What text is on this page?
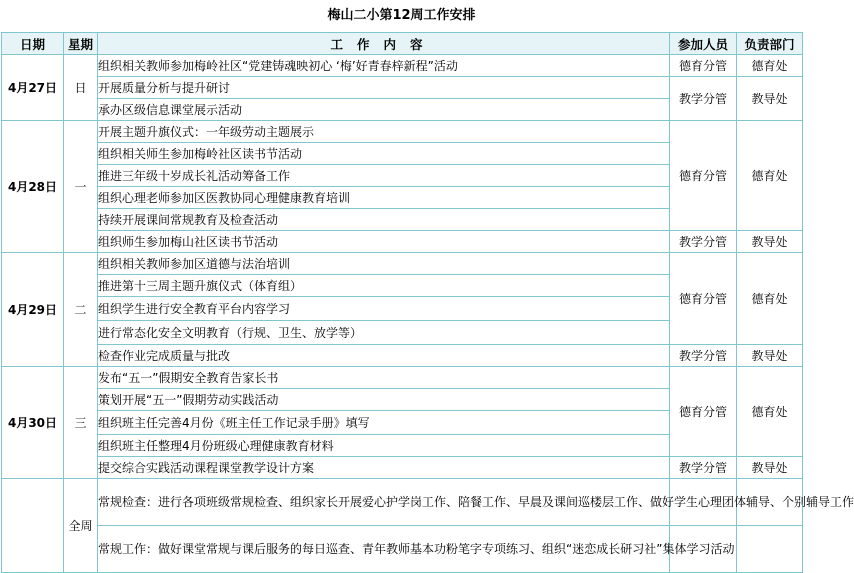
梅山二小第12周工作安排
日期	星期	工作内容	参加人员	负责部门
4月27日	日	组织相关教师参加梅岭社区“党建铸魂映初心 ‘梅’好青春梓新程”活动	德育分管	德育处
		开展质量分析与提升研讨	教学分管	教导处
		承办区级信息课堂展示活动		
4月28日	一	开展主题升旗仪式：一年级劳动主题展示	德育分管	德育处
		组织相关师生参加梅岭社区读书节活动		
		推进三年级十岁成长礼活动筹备工作		
		组织心理老师参加区医教协同心理健康教育培训		
		持续开展课间常规教育及检查活动		
		组织师生参加梅山社区读书节活动	教学分管	教导处
4月29日	二	组织相关教师参加区道德与法治培训	德育分管	德育处
		推进第十三周主题升旗仪式（体育组）		
		组织学生进行安全教育平台内容学习		
		进行常态化安全文明教育（行规、卫生、放学等）		
		检查作业完成质量与批改	教学分管	教导处
4月30日	三	发布“五一”假期安全教育告家长书	德育分管	德育处
		策划开展“五一”假期劳动实践活动		
		组织班主任完善4月份《班主任工作记录手册》填写		
		组织班主任整理4月份班级心理健康教育材料		
		提交综合实践活动课程课堂教学设计方案	教学分管	教导处
	全周	常规检查：进行各项班级常规检查、组织家长开展爱心护学岗工作、陪餐工作、早晨及课间巡楼层工作、做好学生心理团体辅导、个别辅导工作		
		常规工作：做好课堂常规与课后服务的每日巡查、青年教师基本功粉笔字专项练习、组织“迷恋成长研习社”集体学习活动		
